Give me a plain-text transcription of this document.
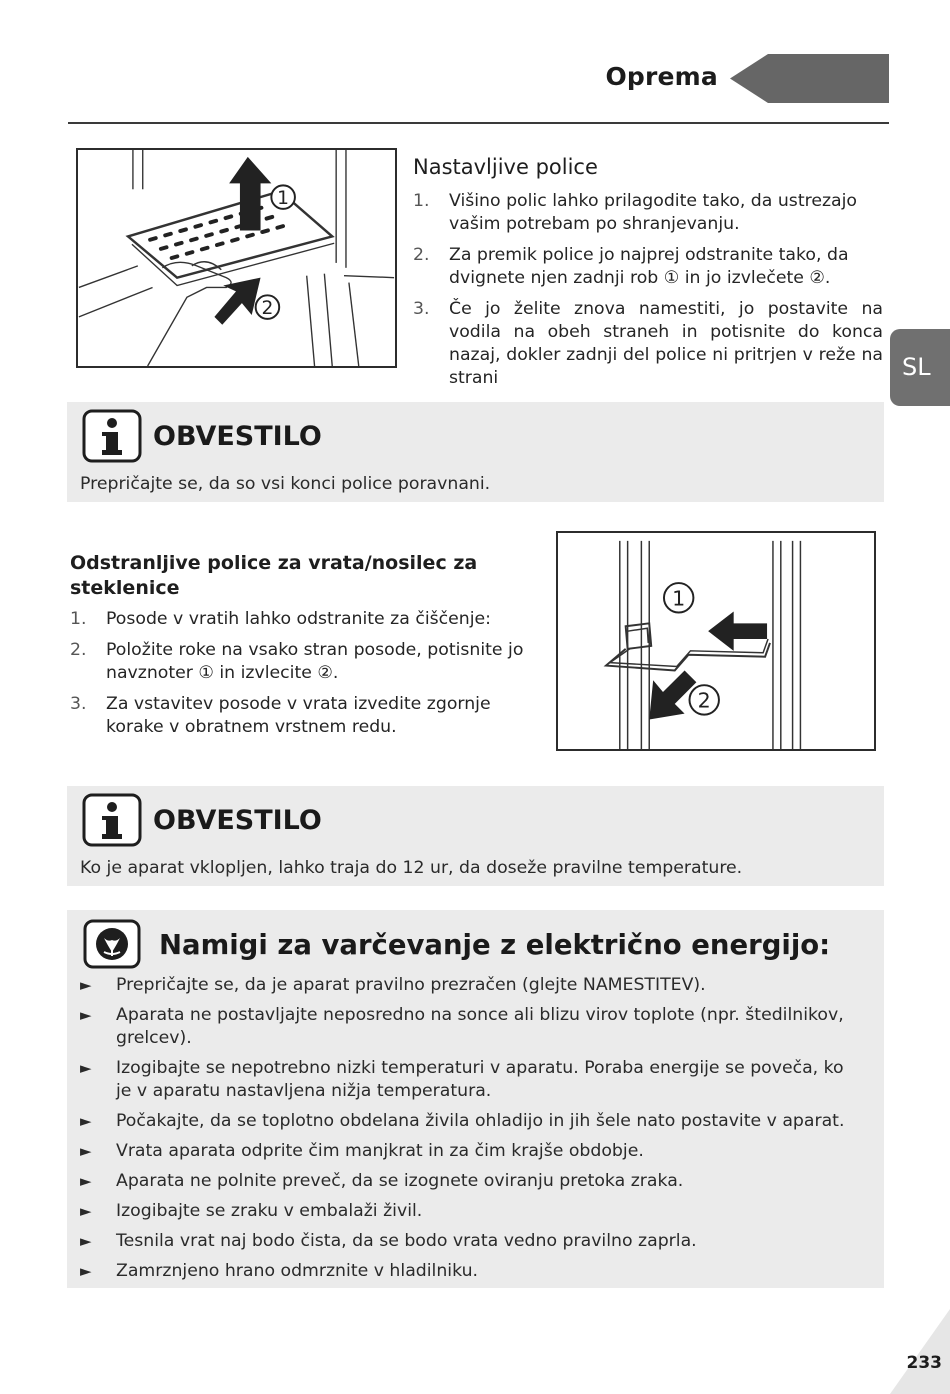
Oprema
SL
1
2
Nastavljive police
1.	Višino polic lahko prilagodite tako, da ustrezajo vašim potrebam po shranjevanju.
2.	Za premik police jo najprej odstranite tako, da dvignete njen zadnji rob ① in jo izvlečete ②.
3.	Če jo želite znova namestiti, jo postavite na vodila na obeh straneh in potisnite do konca nazaj, dokler zadnji del police ni pritrjen v reže na strani
OBVESTILO
Prepričajte se, da so vsi konci police poravnani.
Odstranljive police za vrata/nosilec za steklenice
1.	Posode v vratih lahko odstranite za čiščenje:
2.	Položite roke na vsako stran posode, potisnite jo navznoter ① in izvlecite ②.
3.	Za vstavitev posode v vrata izvedite zgornje korake v obratnem vrstnem redu.
1
2
OBVESTILO
Ko je aparat vklopljen, lahko traja do 12 ur, da doseže pravilne temperature.
Namigi za varčevanje z električno energijo:
► Prepričajte se, da je aparat pravilno prezračen (glejte NAMESTITEV).
► Aparata ne postavljajte neposredno na sonce ali blizu virov toplote (npr. štedilnikov, grelcev).
► Izogibajte se nepotrebno nizki temperaturi v aparatu. Poraba energije se poveča, ko je v aparatu nastavljena nižja temperatura.
► Počakajte, da se toplotno obdelana živila ohladijo in jih šele nato postavite v aparat.
► Vrata aparata odprite čim manjkrat in za čim krajše obdobje.
► Aparata ne polnite preveč, da se izognete oviranju pretoka zraka.
► Izogibajte se zraku v embalaži živil.
► Tesnila vrat naj bodo čista, da se bodo vrata vedno pravilno zaprla.
► Zamrznjeno hrano odmrznite v hladilniku.
233
